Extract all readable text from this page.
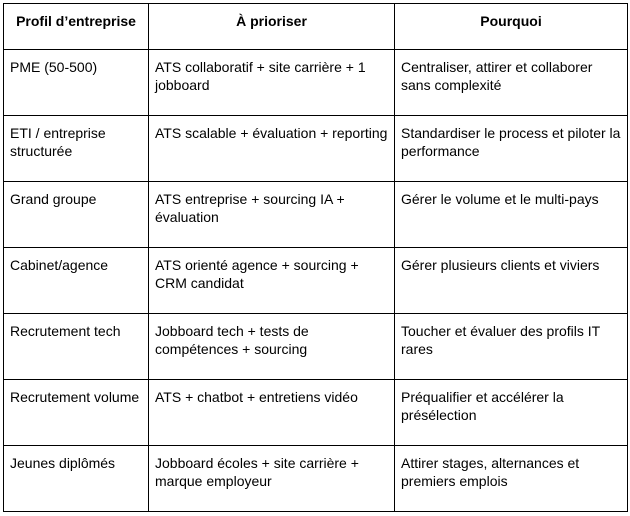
Profil d’entreprise	À prioriser	Pourquoi
PME (50-500)	ATS collaboratif + site carrière + 1 jobboard	Centraliser, attirer et collaborer sans complexité
ETI / entreprise structurée	ATS scalable + évaluation + reporting	Standardiser le process et piloter la performance
Grand groupe	ATS entreprise + sourcing IA + évaluation	Gérer le volume et le multi-pays
Cabinet/agence	ATS orienté agence + sourcing + CRM candidat	Gérer plusieurs clients et viviers
Recrutement tech	Jobboard tech + tests de compétences + sourcing	Toucher et évaluer des profils IT rares
Recrutement volume	ATS + chatbot + entretiens vidéo	Préqualifier et accélérer la présélection
Jeunes diplômés	Jobboard écoles + site carrière + marque employeur	Attirer stages, alternances et premiers emplois
